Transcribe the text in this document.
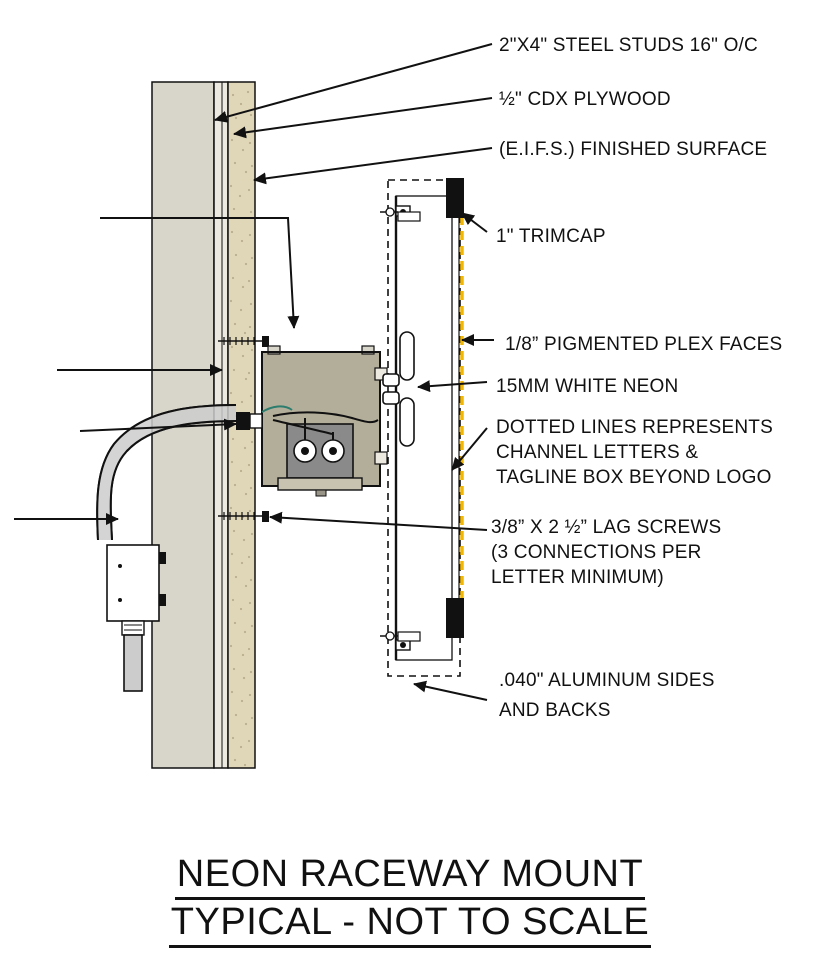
2"X4" STEEL STUDS 16" O/C
½" CDX PLYWOOD
(E.I.F.S.) FINISHED SURFACE
1" TRIMCAP
1/8” PIGMENTED PLEX FACES
15MM WHITE NEON
DOTTED LINES REPRESENTS
CHANNEL LETTERS &
TAGLINE BOX BEYOND LOGO
3/8” X 2 ½” LAG SCREWS
(3 CONNECTIONS PER
LETTER MINIMUM)
.040" ALUMINUM SIDES
AND BACKS
NEON RACEWAY MOUNT
TYPICAL - NOT TO SCALE
